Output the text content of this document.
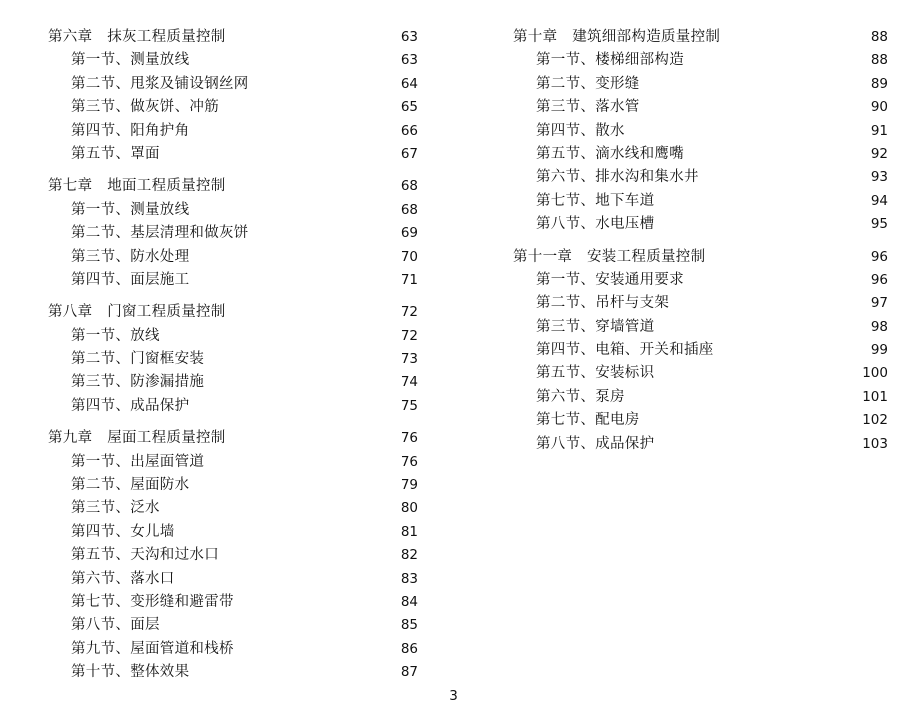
第六章　抹灰工程质量控制	63
第一节、测量放线	63
第二节、甩浆及铺设钢丝网	64
第三节、做灰饼、冲筋	65
第四节、阳角护角	66
第五节、罩面	67
第七章　地面工程质量控制	68
第一节、测量放线	68
第二节、基层清理和做灰饼	69
第三节、防水处理	70
第四节、面层施工	71
第八章　门窗工程质量控制	72
第一节、放线	72
第二节、门窗框安装	73
第三节、防渗漏措施	74
第四节、成品保护	75
第九章　屋面工程质量控制	76
第一节、出屋面管道	76
第二节、屋面防水	79
第三节、泛水	80
第四节、女儿墙	81
第五节、天沟和过水口	82
第六节、落水口	83
第七节、变形缝和避雷带	84
第八节、面层	85
第九节、屋面管道和栈桥	86
第十节、整体效果	87
第十章　建筑细部构造质量控制	88
第一节、楼梯细部构造	88
第二节、变形缝	89
第三节、落水管	90
第四节、散水	91
第五节、滴水线和鹰嘴	92
第六节、排水沟和集水井	93
第七节、地下车道	94
第八节、水电压槽	95
第十一章　安装工程质量控制	96
第一节、安装通用要求	96
第二节、吊杆与支架	97
第三节、穿墙管道	98
第四节、电箱、开关和插座	99
第五节、安装标识	100
第六节、泵房	101
第七节、配电房	102
第八节、成品保护	103
3
